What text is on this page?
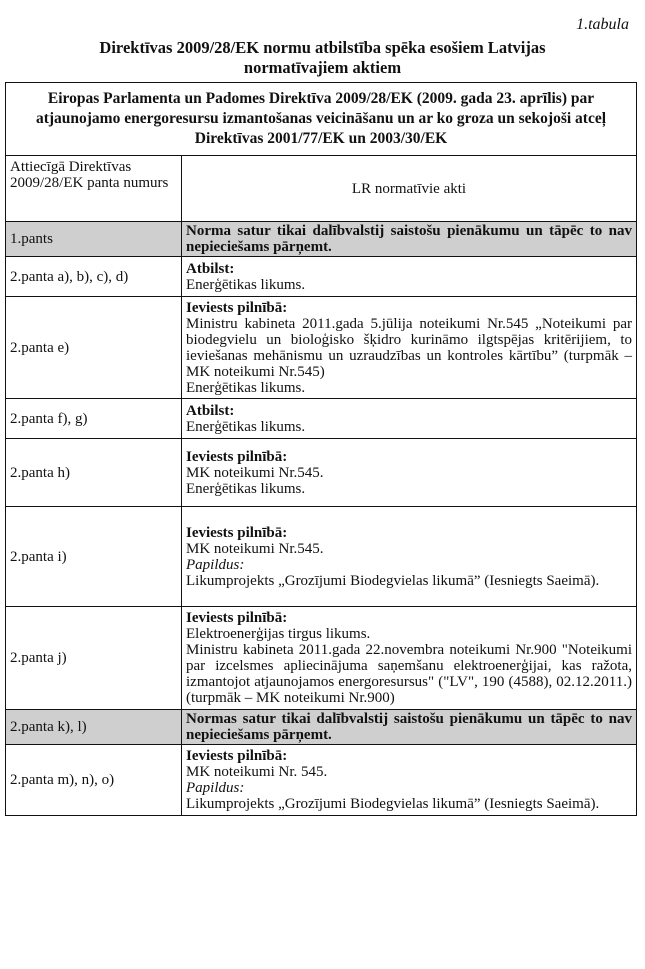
1.tabula
Direktīvas 2009/28/EK normu atbilstība spēka esošiem Latvijas
normatīvajiem aktiem
Eiropas Parlamenta un Padomes Direktīva 2009/28/EK (2009. gada 23. aprīlis) par atjaunojamo energoresursu izmantošanas veicināšanu un ar ko groza un sekojoši atceļ Direktīvas 2001/77/EK un 2003/30/EK	
Attiecīgā Direktīvas 2009/28/EK panta numurs	LR normatīvie akti
1.pants	Norma satur tikai dalībvalstij saistošu pienākumu un tāpēc to nav nepieciešams pārņemt.
2.panta a), b), c), d)	Atbilst:
Enerģētikas likums.

2.panta e)	Ieviests pilnībā:
Ministru kabineta 2011.gada 5.jūlija noteikumi Nr.545 „Noteikumi par biodegvielu un bioloģisko šķidro kurināmo ilgtspējas kritērijiem, to ieviešanas mehānismu un uzraudzības un kontroles kārtību” (turpmāk – MK noteikumi Nr.545)
Enerģētikas likums.

2.panta f), g)	Atbilst:
Enerģētikas likums.

2.panta h)	Ieviests pilnībā:
MK noteikumi Nr.545.
Enerģētikas likums.

2.panta i)	Ieviests pilnībā:
MK noteikumi Nr.545.
Papildus:
Likumprojekts „Grozījumi Biodegvielas likumā” (Iesniegts Saeimā).

2.panta j)	Ieviests pilnībā:
Elektroenerģijas tirgus likums.
Ministru kabineta 2011.gada 22.novembra noteikumi Nr.900 "Noteikumi par izcelsmes apliecinājuma saņemšanu elektroenerģijai, kas ražota, izmantojot atjaunojamos energoresursus" ("LV", 190 (4588), 02.12.2011.) (turpmāk – MK noteikumi Nr.900)

2.panta k), l)	Normas satur tikai dalībvalstij saistošu pienākumu un tāpēc to nav nepieciešams pārņemt.
2.panta m), n), o)	Ieviests pilnībā:
MK noteikumi Nr. 545.
Papildus:
Likumprojekts „Grozījumi Biodegvielas likumā” (Iesniegts Saeimā).
